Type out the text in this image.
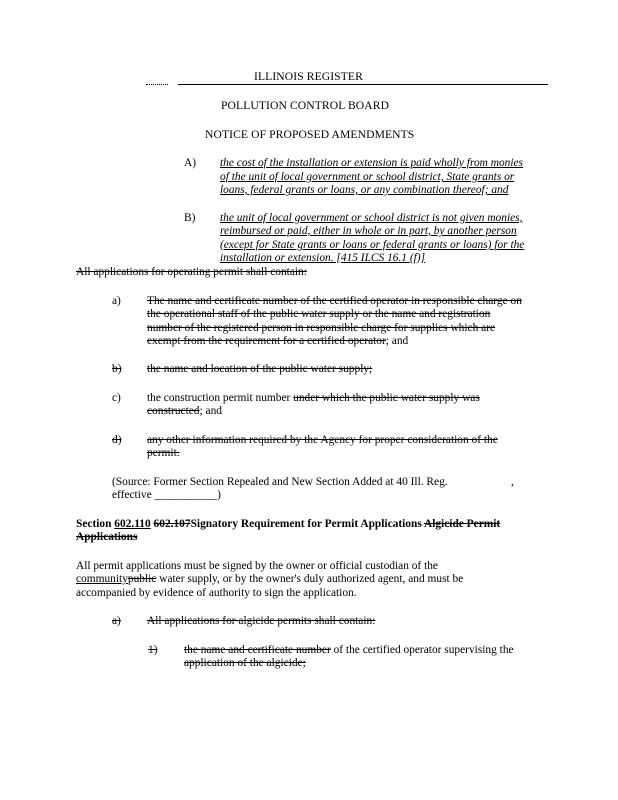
ILLINOIS REGISTER
POLLUTION CONTROL BOARD
NOTICE OF PROPOSED AMENDMENTS
A) the cost of the installation or extension is paid wholly from monies
of the unit of local government or school district, State grants or
loans, federal grants or loans, or any combination thereof; and
B) the unit of local government or school district is not given monies,
reimbursed or paid, either in whole or in part, by another person
(except for State grants or loans or federal grants or loans) for the
installation or extension. [415 ILCS 16.1 (f)]
All applications for operating permit shall contain:
a) The name and certificate number of the certified operator in responsible charge on
the operational staff of the public water supply or the name and registration
number of the registered person in responsible charge for supplies which are
exempt from the requirement for a certified operator; and
b) the name and location of the public water supply;
c) the construction permit number under which the public water supply was
constructed; and
d) any other information required by the Agency for proper consideration of the
permit.
(Source: Former Section Repealed and New Section Added at 40 Ill. Reg.	,
effective ___________)
Section 602.110 602.107Signatory Requirement for Permit Applications Algicide Permit
Applications
All permit applications must be signed by the owner or official custodian of the
communitypublic water supply, or by the owner's duly authorized agent, and must be
accompanied by evidence of authority to sign the application.
a) All applications for algicide permits shall contain:
1) the name and certificate number of the certified operator supervising the
application of the algicide;
